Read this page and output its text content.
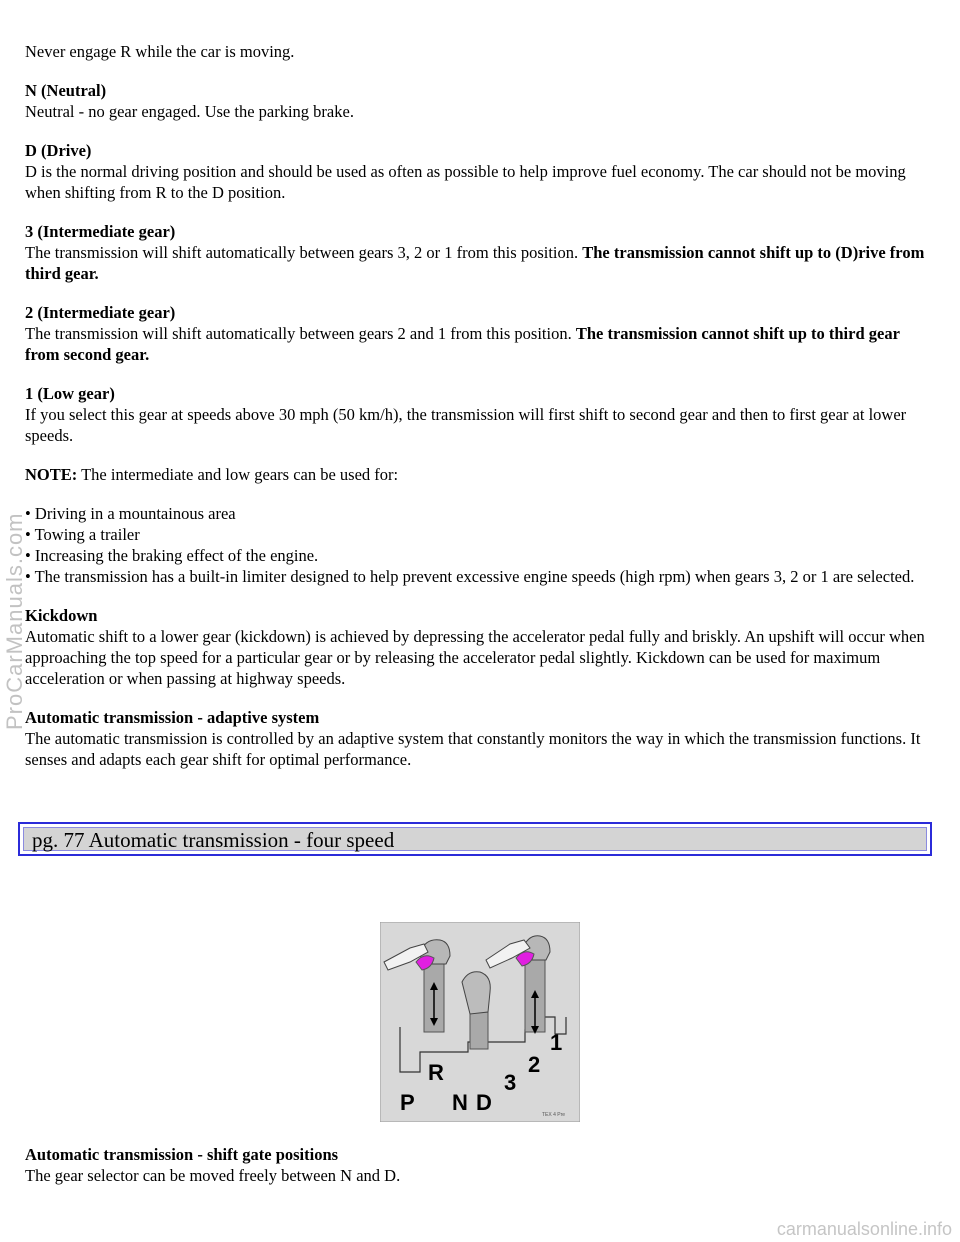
Never engage R while the car is moving.

N (Neutral)

Neutral - no gear engaged. Use the parking brake.

D (Drive)

D is the normal driving position and should be used as often as possible to help improve fuel economy. The car should not be moving when shifting from R to the D position.

3 (Intermediate gear)

The transmission will shift automatically between gears 3, 2 or 1 from this position. The transmission cannot shift up to (D)rive from third gear.

2 (Intermediate gear)

The transmission will shift automatically between gears 2 and 1 from this position. The transmission cannot shift up to third gear from second gear.

1 (Low gear)

If you select this gear at speeds above 30 mph (50 km/h), the transmission will first shift to second gear and then to first gear at lower speeds.

NOTE: The intermediate and low gears can be used for:

• Driving in a mountainous area

• Towing a trailer

• Increasing the braking effect of the engine.

• The transmission has a built-in limiter designed to help prevent excessive engine speeds (high rpm) when gears 3, 2 or 1 are selected.

Kickdown

Automatic shift to a lower gear (kickdown) is achieved by depressing the accelerator pedal fully and briskly. An upshift will occur when approaching the top speed for a particular gear or by releasing the accelerator pedal slightly. Kickdown can be used for maximum acceleration or when passing at highway speeds.

Automatic transmission - adaptive system

The automatic transmission is controlled by an adaptive system that constantly monitors the way in which the transmission functions. It senses and adapts each gear shift for optimal performance.

pg. 77 Automatic transmission - four speed
P
R
N D
3
2
1
TEX 4 Pre

Automatic transmission - shift gate positions

The gear selector can be moved freely between N and D.

ProCarManuals.com
carmanualsonline.info
